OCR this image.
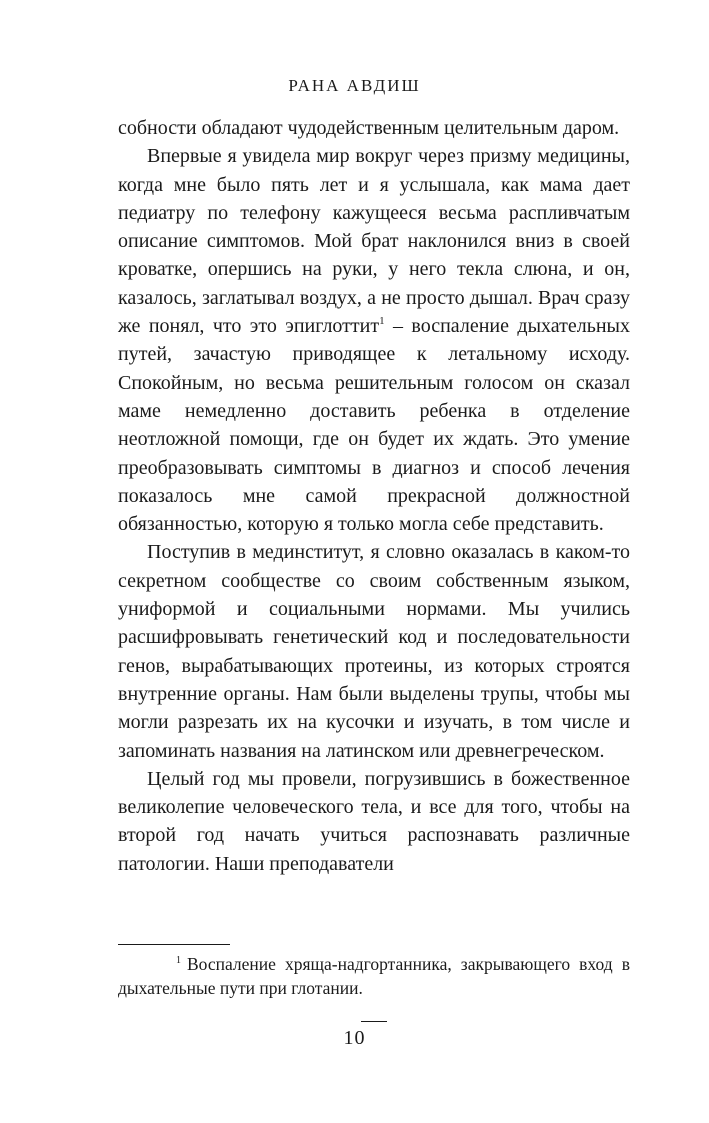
РАНА АВДИШ

собности обладают чудодейственным целительным даром.

Впервые я увидела мир вокруг через призму медицины, когда мне было пять лет и я услышала, как мама дает педиатру по телефону кажущееся весьма распливчатым описание симптомов. Мой брат наклонился вниз в своей кроватке, опершись на руки, у него текла слюна, и он, казалось, заглатывал воздух, а не просто дышал. Врач сразу же понял, что это эпиглоттит$^1$ – воспаление дыхательных путей, зачастую приводящее к летальному исходу. Спокойным, но весьма решительным голосом он сказал маме немедленно доставить ребенка в отделение неотложной помощи, где он будет их ждать. Это умение преобразовывать симптомы в диагноз и способ лечения показалось мне самой прекрасной должностной обязанностью, которую я только могла себе представить.

Поступив в мединститут, я словно оказалась в каком-то секретном сообществе со своим собственным языком, униформой и социальными нормами. Мы учились расшифровывать генетический код и последовательности генов, вырабатывающих протеины, из которых строятся внутренние органы. Нам были выделены трупы, чтобы мы могли разрезать их на кусочки и изучать, в том числе и запоминать названия на латинском или древнегреческом.

Целый год мы провели, погрузившись в божественное великолепие человеческого тела, и все для того, чтобы на второй год начать учиться распознавать различные патологии. Наши преподаватели

$^1$ Воспаление хряща-надгортанника, закрывающего вход в дыхательные пути при глотании.
10
